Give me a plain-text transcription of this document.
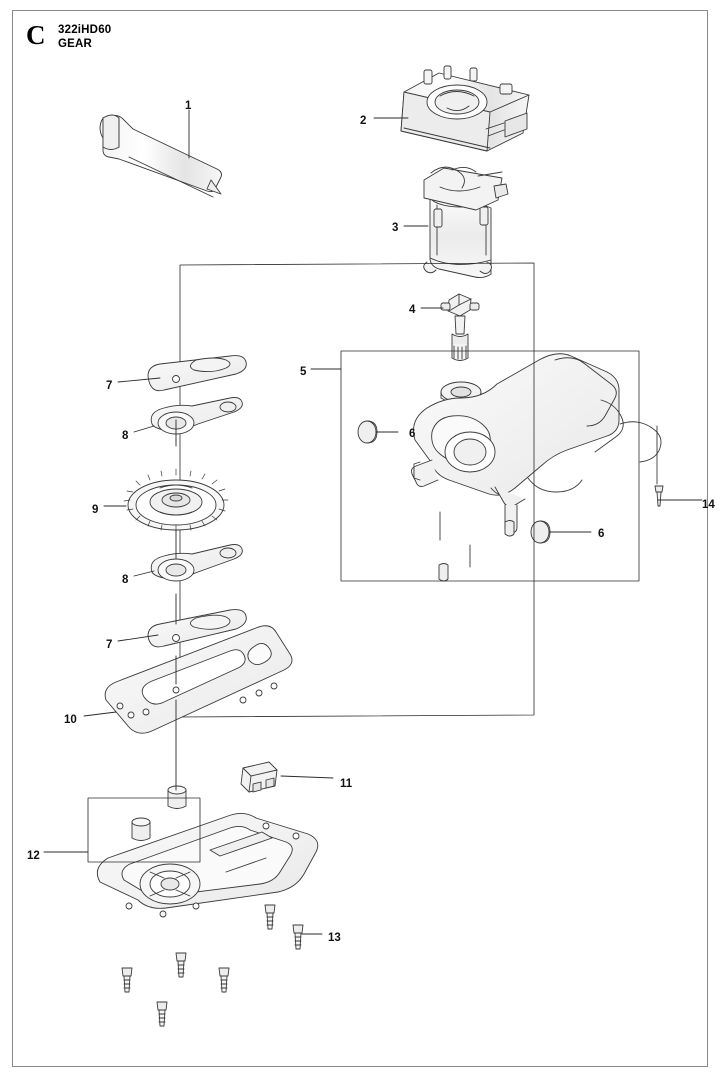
C 322iHD60
GEAR
1
2
3
4
5
6
6
7
8
9
8
7
10
11
12
13
14
